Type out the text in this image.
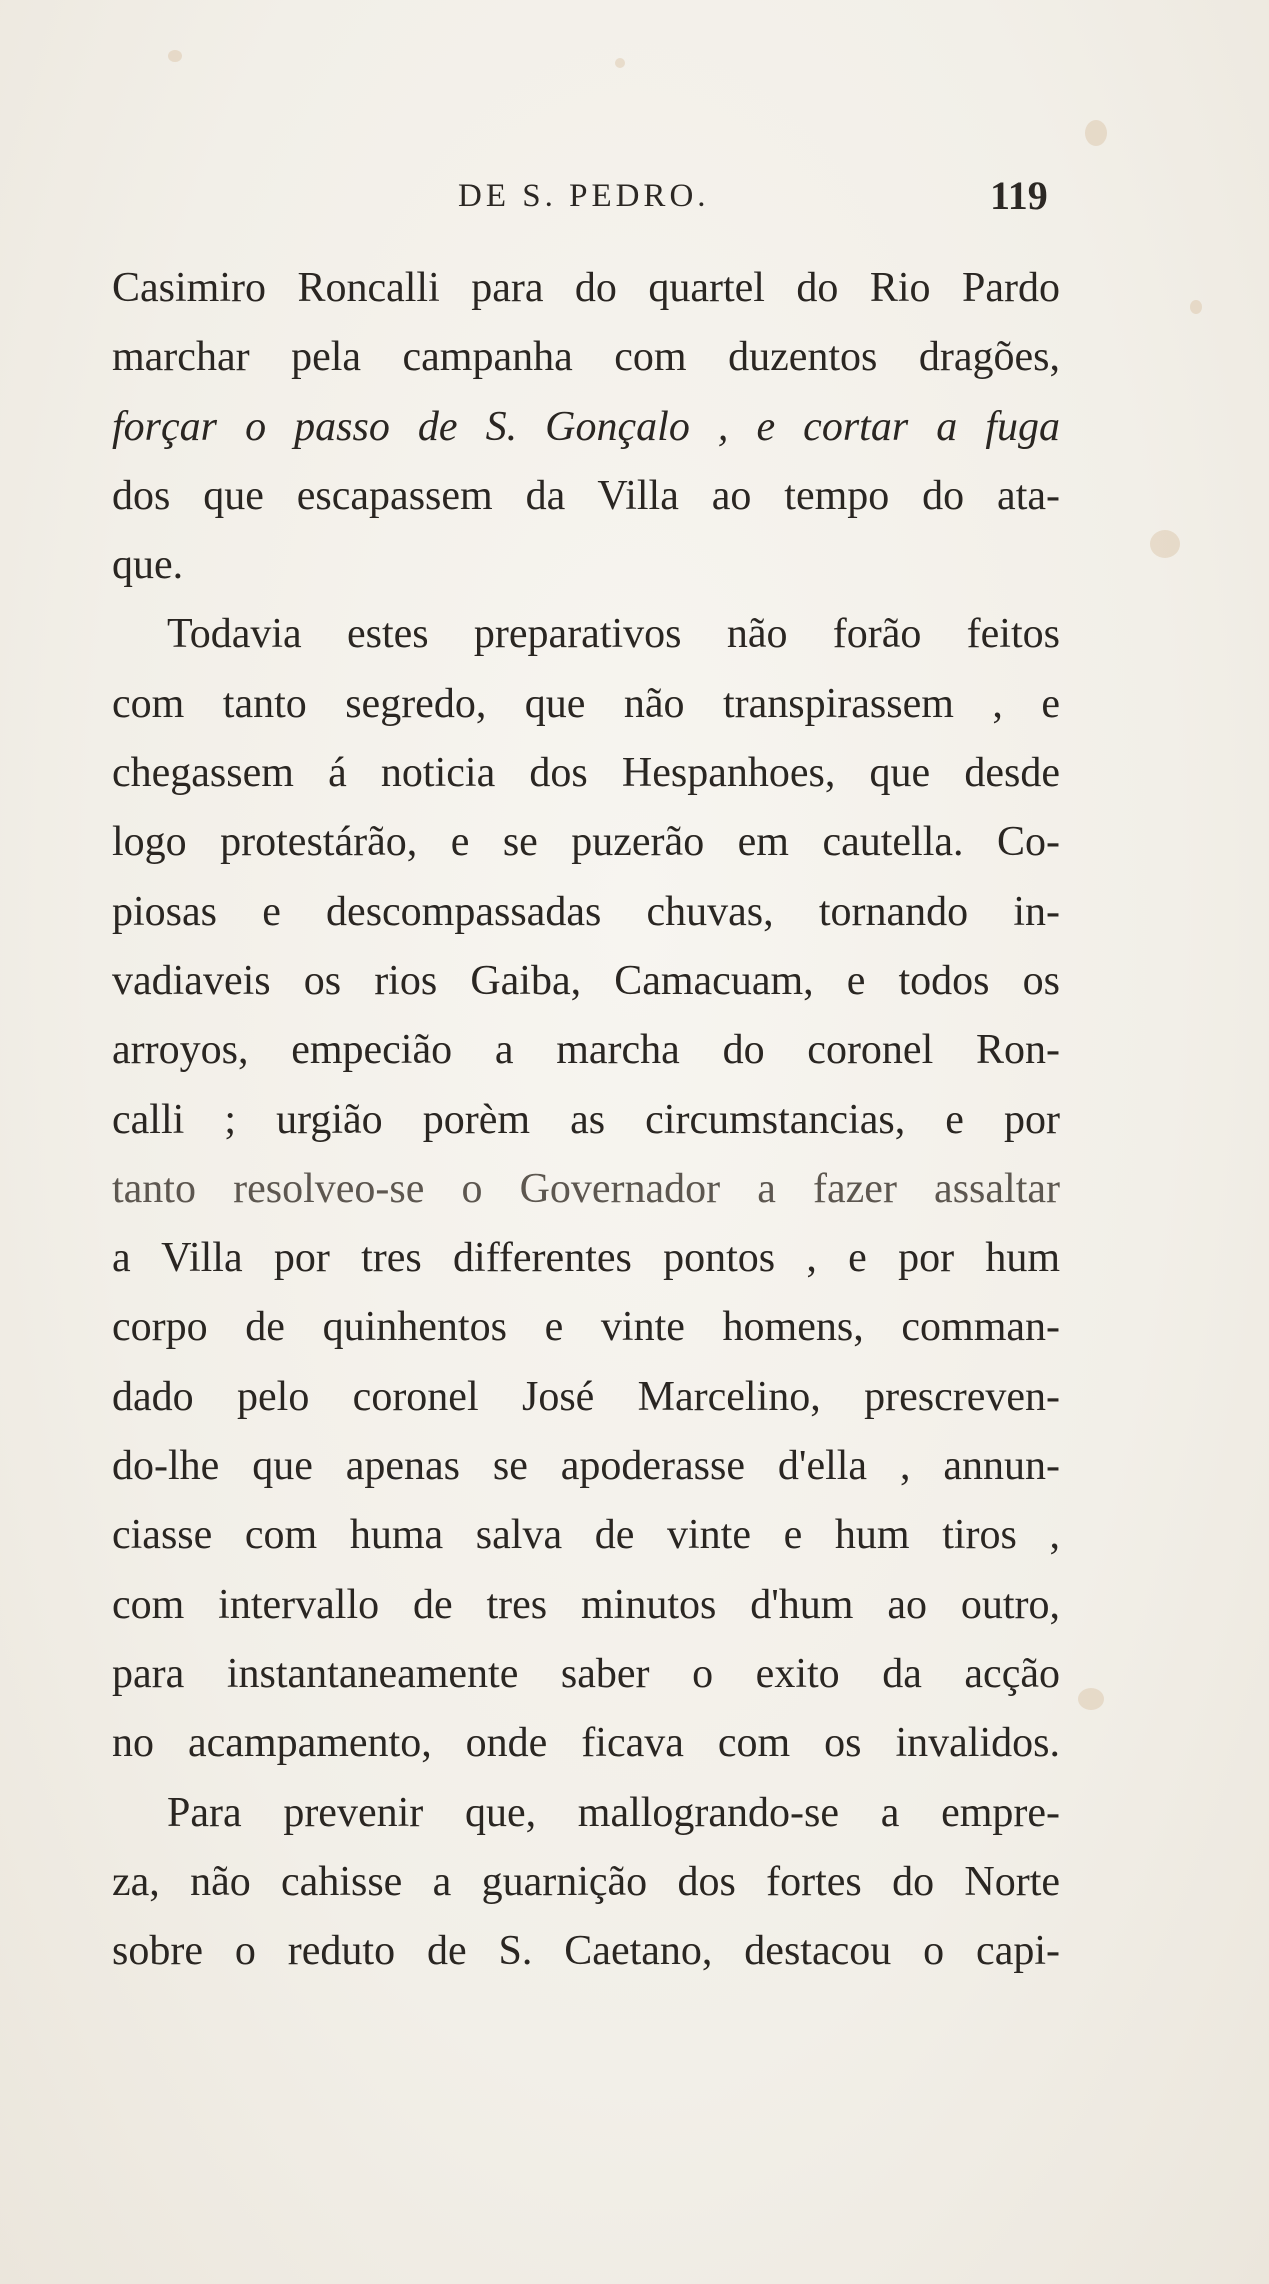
DE S. PEDRO.	119
Casimiro Roncalli para do quartel do Rio Pardo
marchar pela campanha com duzentos dragões,
forçar o passo de S. Gonçalo , e cortar a fuga
dos que escapassem da Villa ao tempo do ata-
que.
Todavia estes preparativos não forão feitos
com tanto segredo, que não transpirassem , e
chegassem á noticia dos Hespanhoes, que desde
logo protestárão, e se puzerão em cautella. Co-
piosas e descompassadas chuvas, tornando in-
vadiaveis os rios Gaiba, Camacuam, e todos os
arroyos, empecião a marcha do coronel Ron-
calli ; urgião porèm as circumstancias, e por
tanto resolveo-se o Governador a fazer assaltar
a Villa por tres differentes pontos , e por hum
corpo de quinhentos e vinte homens, comman-
dado pelo coronel José Marcelino, prescreven-
do-lhe que apenas se apoderasse d'ella , annun-
ciasse com huma salva de vinte e hum tiros ,
com intervallo de tres minutos d'hum ao outro,
para instantaneamente saber o exito da acção
no acampamento, onde ficava com os invalidos.
Para prevenir que, mallogrando-se a empre-
za, não cahisse a guarnição dos fortes do Norte
sobre o reduto de S. Caetano, destacou o capi-
